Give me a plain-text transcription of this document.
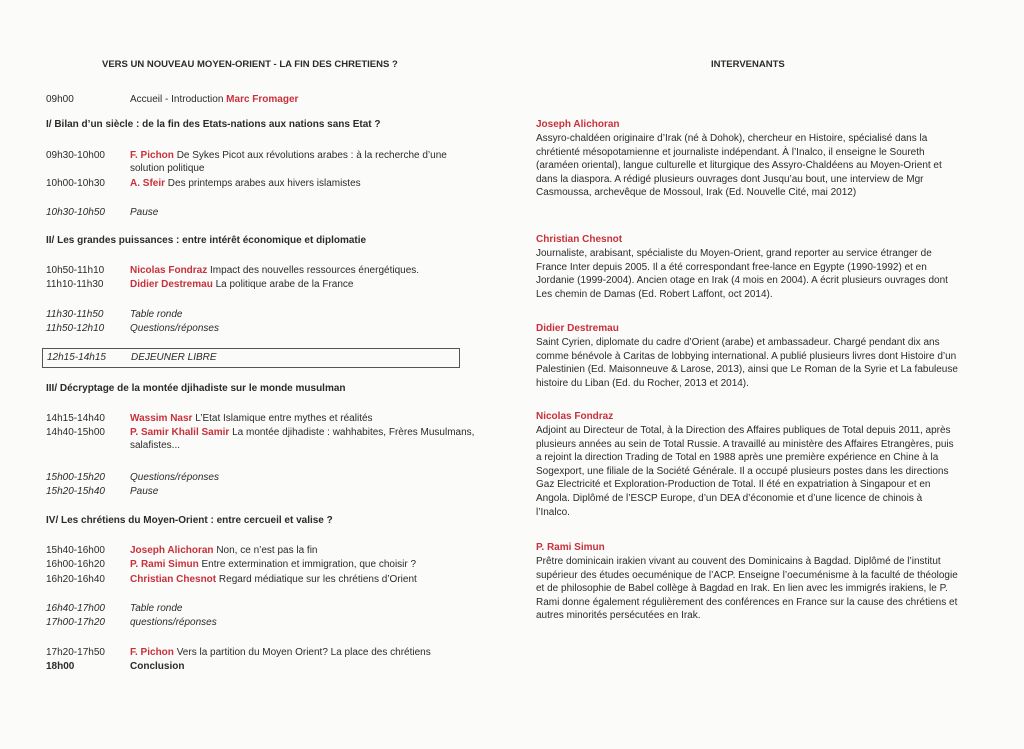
VERS UN NOUVEAU MOYEN-ORIENT - LA FIN DES CHRETIENS ?
09h00	Accueil - Introduction Marc Fromager
I/ Bilan d’un siècle : de la fin des Etats-nations aux nations sans Etat ?
09h30-10h00	F. Pichon De Sykes Picot aux révolutions arabes : à la recherche d’une solution politique
10h00-10h30	A. Sfeir Des printemps arabes aux hivers islamistes
10h30-10h50	Pause
II/ Les grandes puissances : entre intérêt économique et diplomatie
10h50-11h10	Nicolas Fondraz Impact des nouvelles ressources énergétiques.
11h10-11h30	Didier Destremau La politique arabe de la France
11h30-11h50	Table ronde
11h50-12h10	Questions/réponses
12h15-14h15	DEJEUNER LIBRE
III/ Décryptage de la montée djihadiste sur le monde musulman
14h15-14h40	Wassim Nasr L’Etat Islamique entre mythes et réalités
14h40-15h00	P. Samir Khalil Samir La montée djihadiste : wahhabites, Frères Musulmans, salafistes...
15h00-15h20	Questions/réponses
15h20-15h40	Pause
IV/ Les chrétiens du Moyen-Orient : entre cercueil et valise ?
15h40-16h00	Joseph Alichoran Non, ce n’est pas la fin
16h00-16h20	P. Rami Simun Entre extermination et immigration, que choisir ?
16h20-16h40	Christian Chesnot Regard médiatique sur les chrétiens d’Orient
16h40-17h00	Table ronde
17h00-17h20	questions/réponses
17h20-17h50	F. Pichon Vers la partition du Moyen Orient? La place des chrétiens
18h00	Conclusion
INTERVENANTS
Joseph Alichoran
Assyro-chaldéen originaire d’Irak (né à Dohok), chercheur en Histoire, spécialisé dans la chrétienté mésopotamienne et journaliste indépendant. À l’Inalco, il enseigne le Soureth (araméen oriental), langue culturelle et liturgique des Assyro-Chaldéens au Moyen-Orient et dans la diaspora. A rédigé plusieurs ouvrages dont Jusqu’au bout, une interview de Mgr Casmoussa, archevêque de Mossoul, Irak (Ed. Nouvelle Cité, mai 2012)
Christian Chesnot
Journaliste, arabisant, spécialiste du Moyen-Orient, grand reporter au service étranger de France Inter depuis 2005. Il a été correspondant free-lance en Egypte (1990-1992) et en Jordanie (1999-2004). Ancien otage en Irak (4 mois en 2004). A écrit plusieurs ouvrages dont Les chemin de Damas (Ed. Robert Laffont, oct 2014).
Didier Destremau
Saint Cyrien, diplomate du cadre d’Orient (arabe) et ambassadeur. Chargé pendant dix ans comme bénévole à Caritas de lobbying international. A publié plusieurs livres dont Histoire d’un Palestinien (Ed. Maisonneuve & Larose, 2013), ainsi que Le Roman de la Syrie et La fabuleuse histoire du Liban (Ed. du Rocher, 2013 et 2014).
Nicolas Fondraz
Adjoint au Directeur de Total, à la Direction des Affaires publiques de Total depuis 2011, après plusieurs années au sein de Total Russie. A travaillé au ministère des Affaires Etrangères, puis a rejoint la direction Trading de Total en 1988 après une première expérience en Chine à la Sogexport, une filiale de la Société Générale. Il a occupé plusieurs postes dans les directions Gaz Electricité et Exploration-Production de Total. Il été en expatriation à Singapour et en Angola. Diplômé de l’ESCP Europe, d’un DEA d’économie et d’une licence de chinois à l’Inalco.
P. Rami Simun
Prêtre dominicain irakien vivant au couvent des Dominicains à Bagdad. Diplômé de l’institut supérieur des études oecuménique de l’ACP. Enseigne l’oecuménisme à la faculté de théologie et de philosophie de Babel collège à Bagdad en Irak. En lien avec les immigrés irakiens, le P. Rami donne également régulièrement des conférences en France sur la cause des chrétiens et autres minorités persécutées en Irak.
